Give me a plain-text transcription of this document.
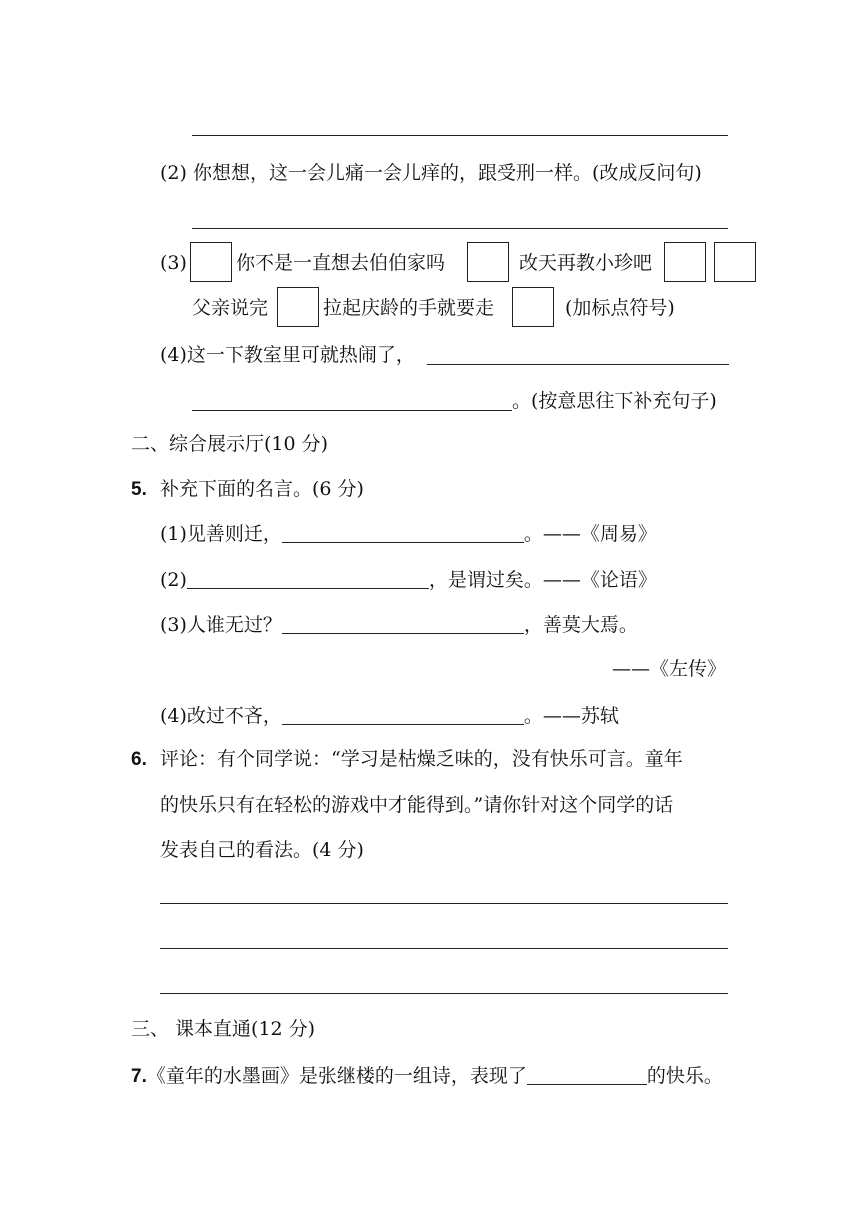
(2) 你想想，这一会儿痛一会儿痒的，跟受刑一样。(改成反问句)
(3)	你不是一直想去伯伯家吗	改天再教小珍吧
父亲说完	拉起庆龄的手就要走	(加标点符号)
(4)这一下教室里可就热闹了，
。(按意思往下补充句子)
二、综合展示厅(10 分)
5. 补充下面的名言。(6 分)
(1)见善则迁，	。——《周易》
(2)	，是谓过矣。——《论语》
(3)人谁无过？	，善莫大焉。
——《左传》
(4)改过不吝，	。——苏轼
6. 评论：有个同学说：“学习是枯燥乏味的，没有快乐可言。童年
的快乐只有在轻松的游戏中才能得到。”请你针对这个同学的话
发表自己的看法。(4 分)
三、 课本直通(12 分)
7.《童年的水墨画》是张继楼的一组诗，表现了	的快乐。
